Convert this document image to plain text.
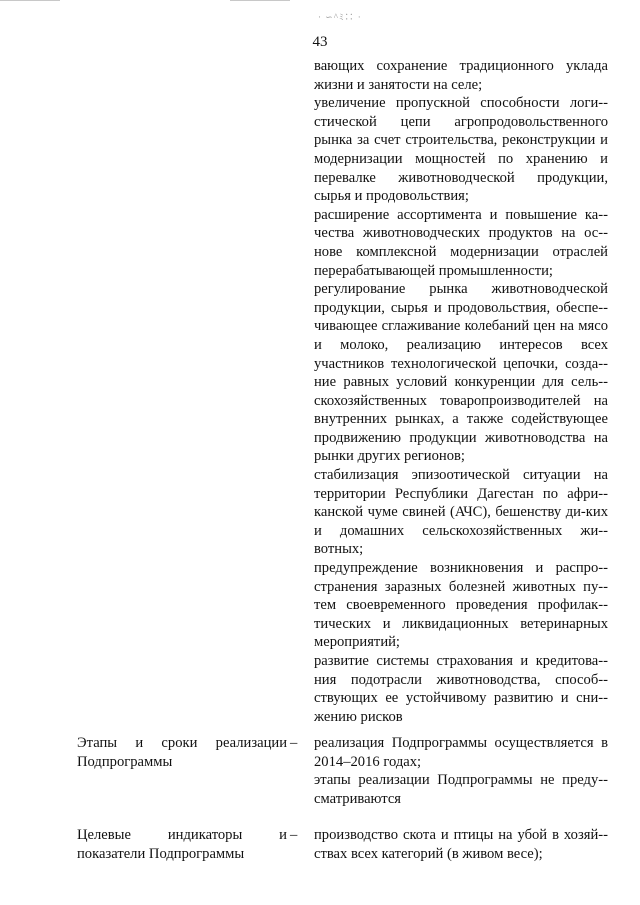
· ∽^ﾐ∷ ·
43

вающих сохранение традиционного уклада жизни и занятости на селе;

увеличение пропускной способности логи-стической цепи агропродовольственного рынка за счет строительства, реконструкции и модернизации мощностей по хранению и перевалке животноводческой продукции, сырья и продовольствия;

расширение ассортимента и повышение ка-чества животноводческих продуктов на ос-нове комплексной модернизации отраслей перерабатывающей промышленности;

регулирование рынка животноводческой продукции, сырья и продовольствия, обеспе-чивающее сглаживание колебаний цен на мясо и молоко, реализацию интересов всех участников технологической цепочки, созда-ние равных условий конкуренции для сель-скохозяйственных товаропроизводителей на внутренних рынках, а также содействующее продвижению продукции животноводства на рынки других регионов;

стабилизация эпизоотической ситуации на территории Республики Дагестан по афри-канской чуме свиней (АЧС), бешенству ди-ких и домашних сельскохозяйственных жи-вотных;

предупреждение возникновения и распро-странения заразных болезней животных пу-тем своевременного проведения профилак-тических и ликвидационных ветеринарных мероприятий;

развитие системы страхования и кредитова-ния подотрасли животноводства, способ-ствующих ее устойчивому развитию и сни-жению рисков

Этапы и сроки реализации
Подпрограммы
– реализация Подпрограммы осуществляется в 2014–2016 годах;

этапы реализации Подпрограммы не преду-сматриваются

Целевые индикаторы и
показатели Подпрограммы
– производство скота и птицы на убой в хозяй-ствах всех категорий (в живом весе);
